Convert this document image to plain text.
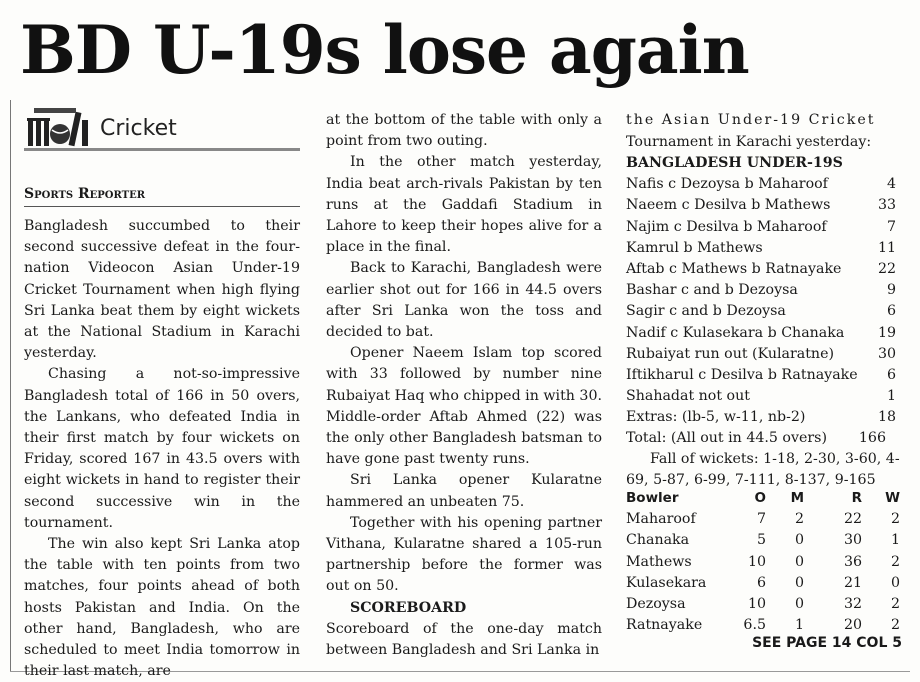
BD U-19s lose again
Cricket
Sports Reporter

Bangladesh succumbed to their second successive defeat in the four-nation Videocon Asian Under-19 Cricket Tournament when high flying Sri Lanka beat them by eight wickets at the National Stadium in Karachi yesterday.

Chasing a not-so-impressive Bangladesh total of 166 in 50 overs, the Lankans, who defeated India in their first match by four wickets on Friday, scored 167 in 43.5 overs with eight wickets in hand to register their second successive win in the tournament.

The win also kept Sri Lanka atop the table with ten points from two matches, four points ahead of both hosts Pakistan and India. On the other hand, Bangladesh, who are scheduled to meet India tomorrow in their last match, are

at the bottom of the table with only a point from two outing.

In the other match yesterday, India beat arch-rivals Pakistan by ten runs at the Gaddafi Stadium in Lahore to keep their hopes alive for a place in the final.

Back to Karachi, Bangladesh were earlier shot out for 166 in 44.5 overs after Sri Lanka won the toss and decided to bat.

Opener Naeem Islam top scored with 33 followed by number nine Rubaiyat Haq who chipped in with 30. Middle-order Aftab Ahmed (22) was the only other Bangladesh batsman to have gone past twenty runs.

Sri Lanka opener Kularatne hammered an unbeaten 75.

Together with his opening partner Vithana, Kularatne shared a 105-run partnership before the former was out on 50.

SCOREBOARD

Scoreboard of the one-day match between Bangladesh and Sri Lanka in

the Asian Under-19 Cricket
Tournament in Karachi yesterday:
BANGLADESH UNDER-19S
Nafis c Dezoysa b Maharoof	4
Naeem c Desilva b Mathews	33
Najim c Desilva b Maharoof	7
Kamrul b Mathews	11
Aftab c Mathews b Ratnayake	22
Bashar c and b Dezoysa	9
Sagir c and b Dezoysa	6
Nadif c Kulasekara b Chanaka 19
Rubaiyat run out (Kularatne)	30
Iftikharul c Desilva b Ratnayake 6
Shahadat not out	1
Extras: (lb-5, w-11, nb-2)	18
Total: (All out in 44.5 overs) 166

Fall of wickets: 1-18, 2-30, 3-60, 4-69, 5-87, 6-99, 7-111, 8-137, 9-165

Bowler	O M	R W
Maharoof	7 2	22 2
Chanaka	5 0	30 1
Mathews	10 0	36 2
Kulasekara	6 0	21 0
Dezoysa	10 0	32 2
Ratnayake	6.5 1	20 2
SEE PAGE 14 COL 5
